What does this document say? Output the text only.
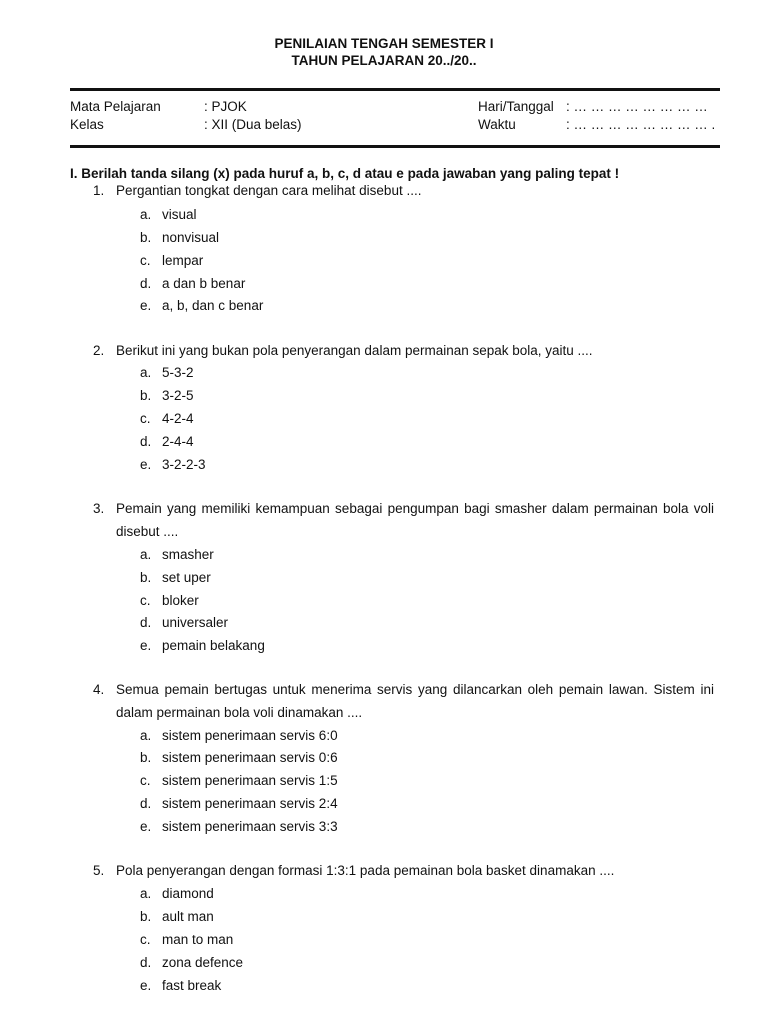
PENILAIAN TENGAH SEMESTER I
TAHUN PELAJARAN 20../20..
Mata Pelajaran	: PJOK
Kelas	: XII (Dua belas)
Hari/Tanggal : … … … … … … … …
Waktu	: … … … … … … … … .
I. Berilah tanda silang (x) pada huruf a, b, c, d atau e pada jawaban yang paling tepat !
1. Pergantian tongkat dengan cara melihat disebut ....
a. visual
b. nonvisual
c. lempar
d. a dan b benar
e. a, b, dan c benar
2. Berikut ini yang bukan pola penyerangan dalam permainan sepak bola, yaitu ....
a. 5-3-2
b. 3-2-5
c. 4-2-4
d. 2-4-4
e. 3-2-2-3
3. Pemain yang memiliki kemampuan sebagai pengumpan bagi smasher dalam permainan bola voli disebut ....
a. smasher
b. set uper
c. bloker
d. universaler
e. pemain belakang
4. Semua pemain bertugas untuk menerima servis yang dilancarkan oleh pemain lawan. Sistem ini dalam permainan bola voli dinamakan ....
a. sistem penerimaan servis 6:0
b. sistem penerimaan servis 0:6
c. sistem penerimaan servis 1:5
d. sistem penerimaan servis 2:4
e. sistem penerimaan servis 3:3
5. Pola penyerangan dengan formasi 1:3:1 pada pemainan bola basket dinamakan ....
a. diamond
b. ault man
c. man to man
d. zona defence
e. fast break
